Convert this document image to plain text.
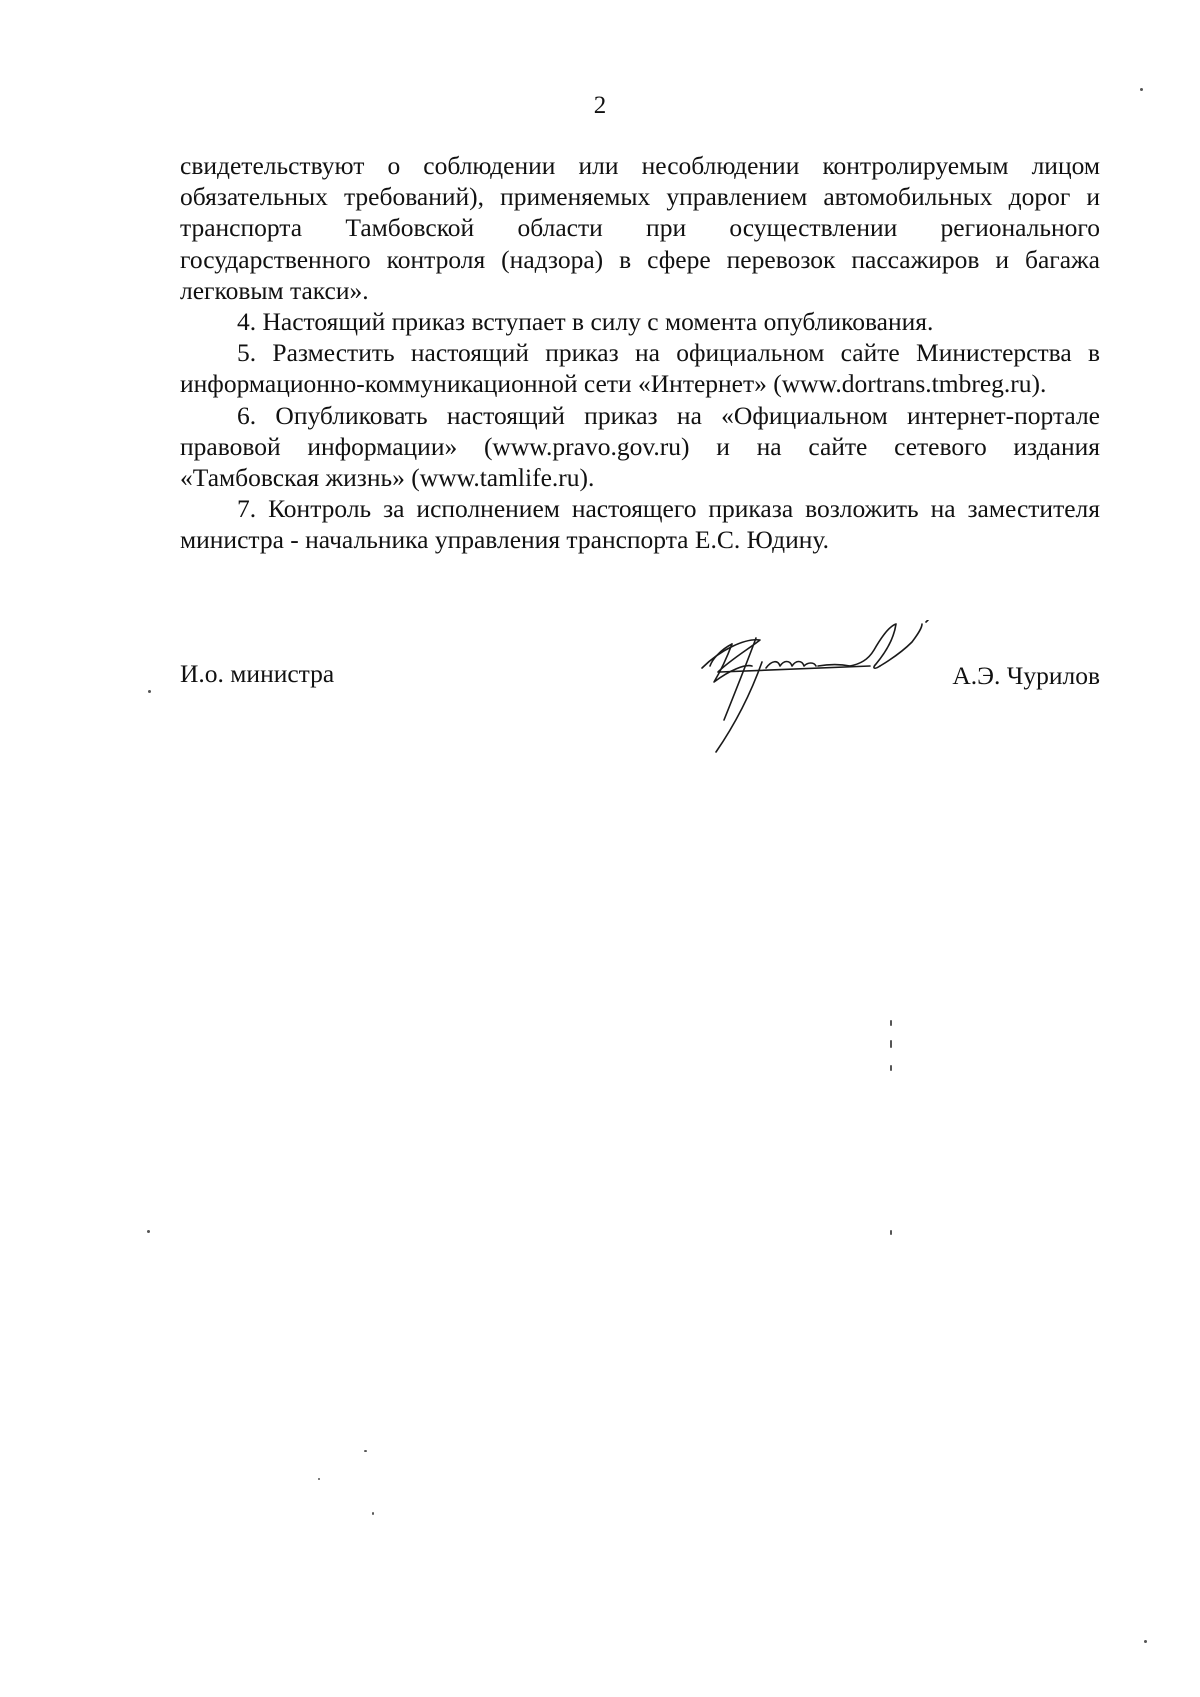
2

свидетельствуют о соблюдении или несоблюдении контролируемым лицом обязательных требований), применяемых управлением автомобильных дорог и транспорта Тамбовской области при осуществлении регионального государственного контроля (надзора) в сфере перевозок пассажиров и багажа легковым такси».

4. Настоящий приказ вступает в силу с момента опубликования.

5. Разместить настоящий приказ на официальном сайте Министерства в информационно-коммуникационной сети «Интернет» (www.dortrans.tmbreg.ru).

6. Опубликовать настоящий приказ на «Официальном интернет-портале правовой информации» (www.pravo.gov.ru) и на сайте сетевого издания «Тамбовская жизнь» (www.tamlife.ru).

7. Контроль за исполнением настоящего приказа возложить на заместителя министра - начальника управления транспорта Е.С. Юдину.

И.о. министра	А.Э. Чурилов
